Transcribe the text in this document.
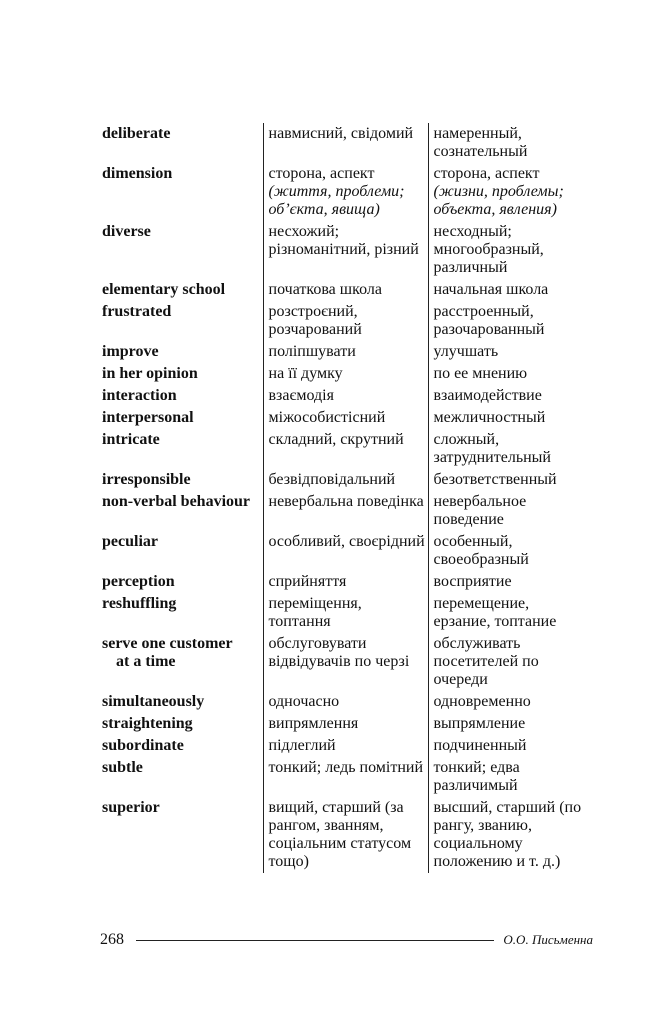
deliberate	навмисний, свідомий	намеренный, сознательный

dimension	сторона, аспект (життя, проблеми; об’єкта, явища)	сторона, аспект (жизни, проблемы; объекта, явления)

diverse	несхожий; різноманітний, різний	несходный; многообразный, различный

elementary school	початкова школа	начальная школа

frustrated	розстроєний, розчарований	расстроенный, разочарованный

improve	поліпшувати	улучшать

in her opinion	на її думку	по ее мнению

interaction	взаємодія	взаимодействие

interpersonal	міжособистісний	межличностный

intricate	складний, скрутний	сложный, затруднительный

irresponsible	безвідповідальний	безответственный

non-verbal behaviour	невербальна поведінка	невербальное поведение

peculiar	особливий, своєрідний	особенный, своеобразный

perception	сприйняття	восприятие

reshuffling	переміщення, топтання	перемещение, ерзание, топтание

serve one customer
at a time	обслуговувати відвідувачів по черзі	обслуживать посетителей по очереди

simultaneously	одночасно	одновременно

straightening	випрямлення	выпрямление

subordinate	підлеглий	подчиненный

subtle	тонкий; ледь помітний	тонкий; едва различимый

superior	вищий, старший (за рангом, званням, соціальним статусом тощо)	высший, старший (по рангу, званию, социальному положению и т. д.)
268	О.О. Письменна
